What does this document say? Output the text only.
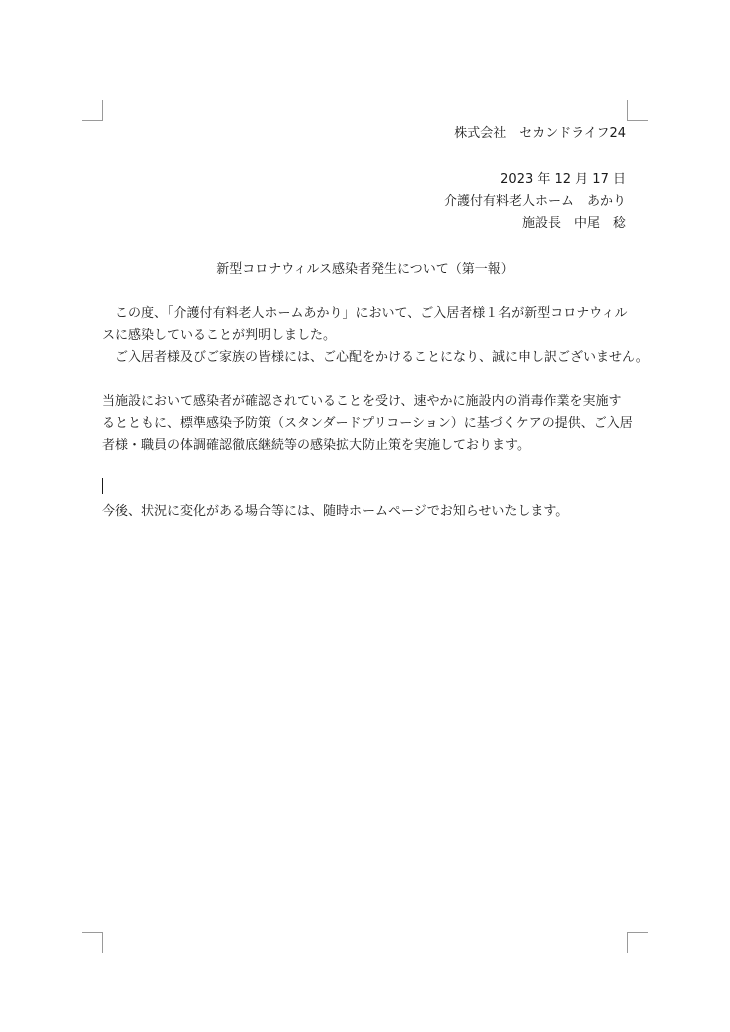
株式会社　セカンドライフ24
2023 年 12 月 17 日
介護付有料老人ホーム　あかり
施設長　中尾　稔
新型コロナウィルス感染者発生について（第一報）
この度、「介護付有料老人ホームあかり」において、ご入居者様１名が新型コロナウィル
スに感染していることが判明しました。
ご入居者様及びご家族の皆様には、ご心配をかけることになり、誠に申し訳ございません。
当施設において感染者が確認されていることを受け、速やかに施設内の消毒作業を実施す
るとともに、標準感染予防策（スタンダードプリコーション）に基づくケアの提供、ご入居
者様・職員の体調確認徹底継続等の感染拡大防止策を実施しております。
今後、状況に変化がある場合等には、随時ホームページでお知らせいたします。
